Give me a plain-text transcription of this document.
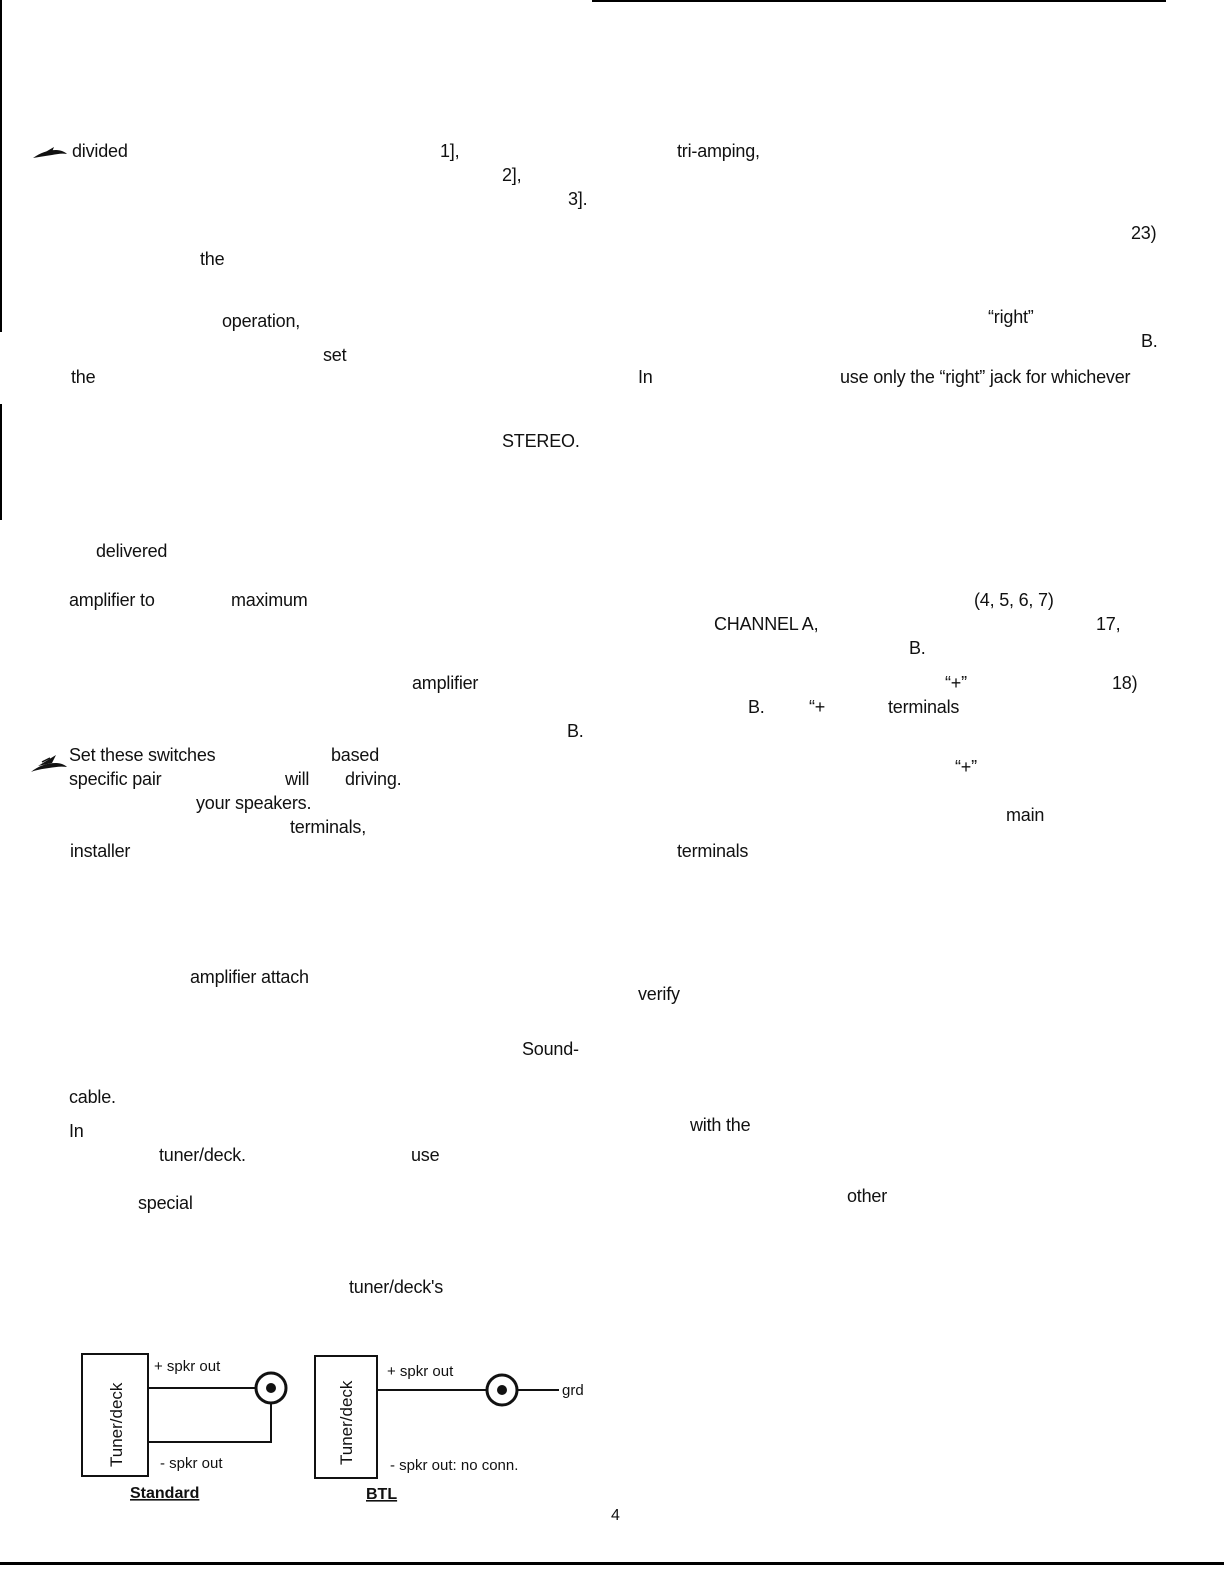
divided	1],	tri-amping,
2],
3].
23)
the
operation,	“right”
set
B.
the	In	use only the “right” jack for whichever
STEREO.
delivered
amplifier to	maximum	(4, 5, 6, 7)
CHANNEL A,	17,
B.
amplifier	“+”	18)
B. “+	terminals
B.
Set these switches	based
specific pair	will driving.
“+”
your speakers.
terminals,
main
installer	terminals
amplifier attach
verify
Sound-
cable.
In	with the
tuner/deck.	use
special	other
tuner/deck's
Tuner/deck
+ spkr out
- spkr out
Standard
Tuner/deck	grd
+ spkr out
- spkr out: no conn.
BTL
4
